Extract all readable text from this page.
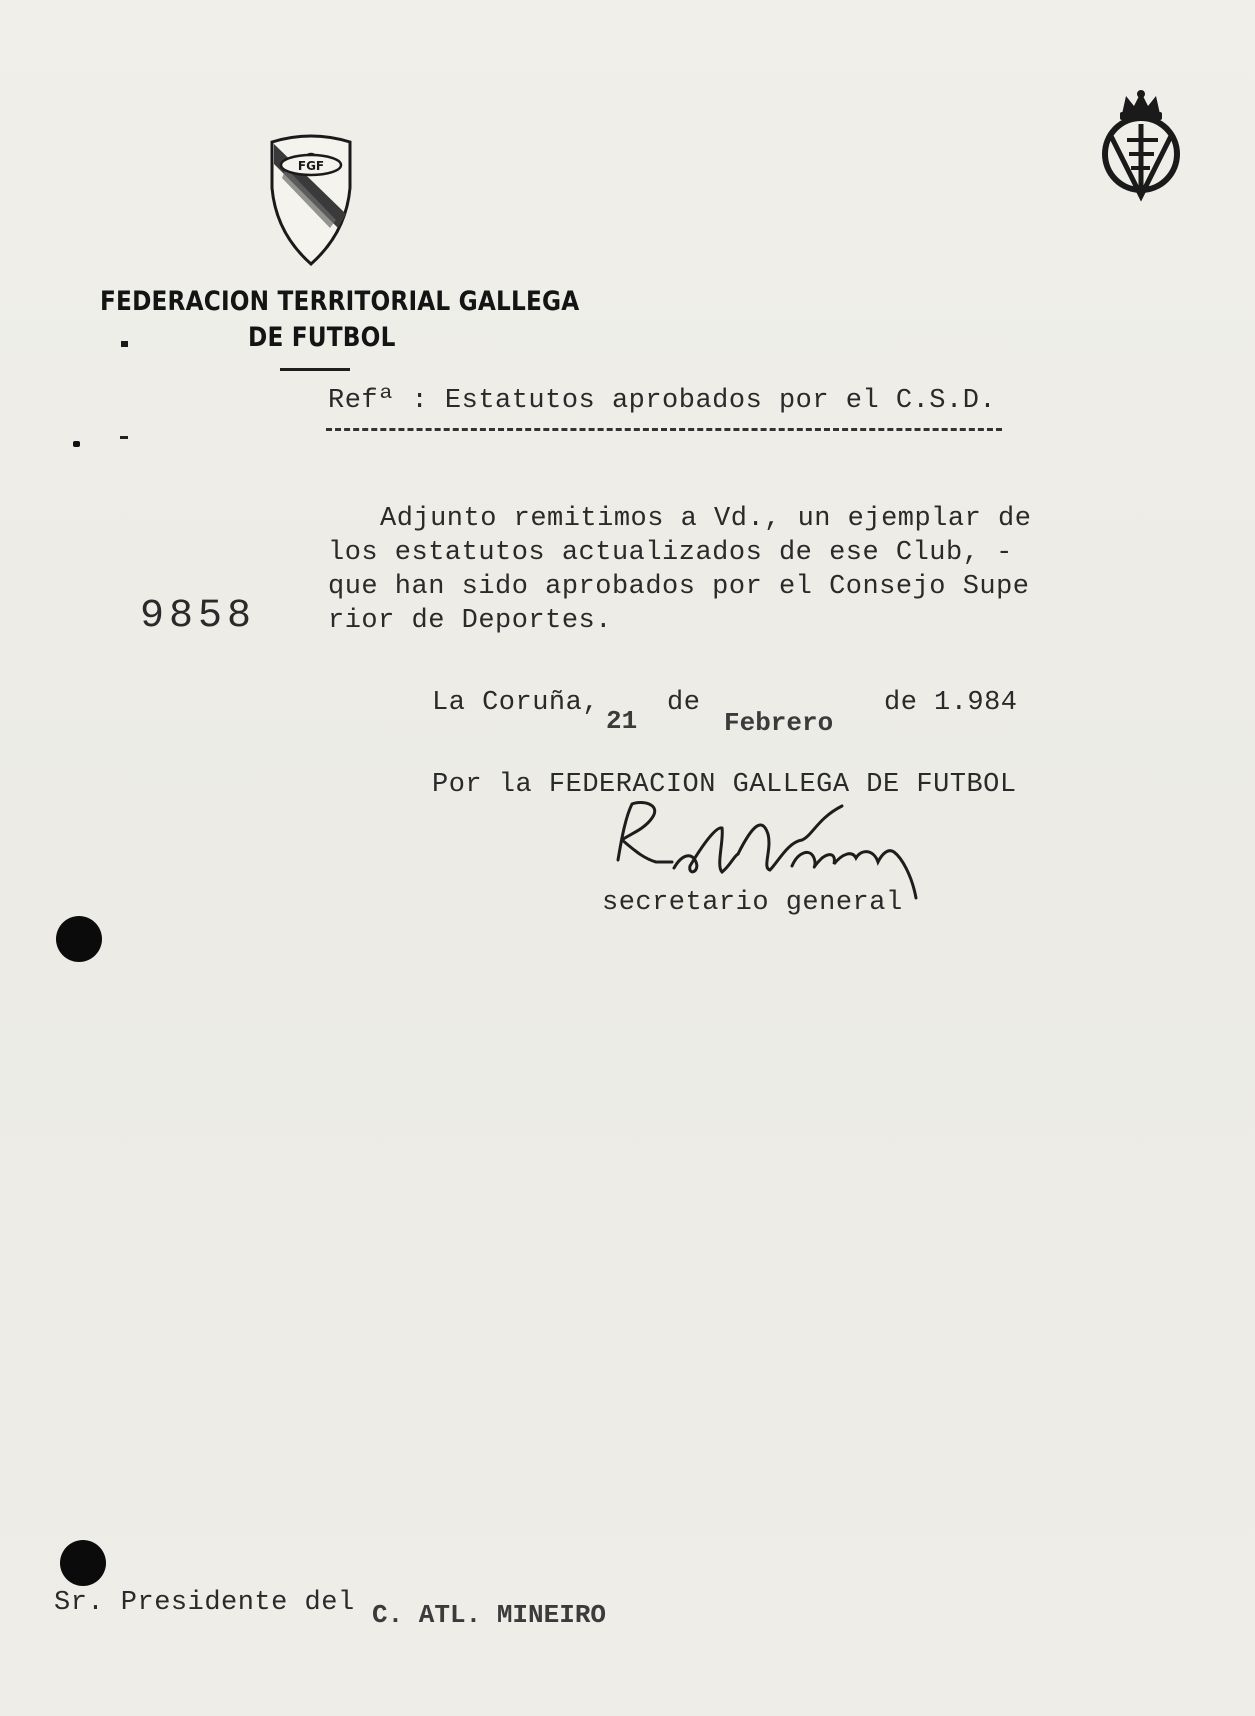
FGF
FEDERACION TERRITORIAL GALLEGA
DE FUTBOL
Refª : Estatutos aprobados por el C.S.D.
9858
Adjunto remitimos a Vd., un ejemplar de
los estatutos actualizados de ese Club, -
que han sido aprobados por el Consejo Supe
rior de Deportes.
La Coruña,
21
de
Febrero
de 1.984
Por la FEDERACION GALLEGA DE FUTBOL
secretario general
Sr. Presidente del C. ATL. MINEIRO
